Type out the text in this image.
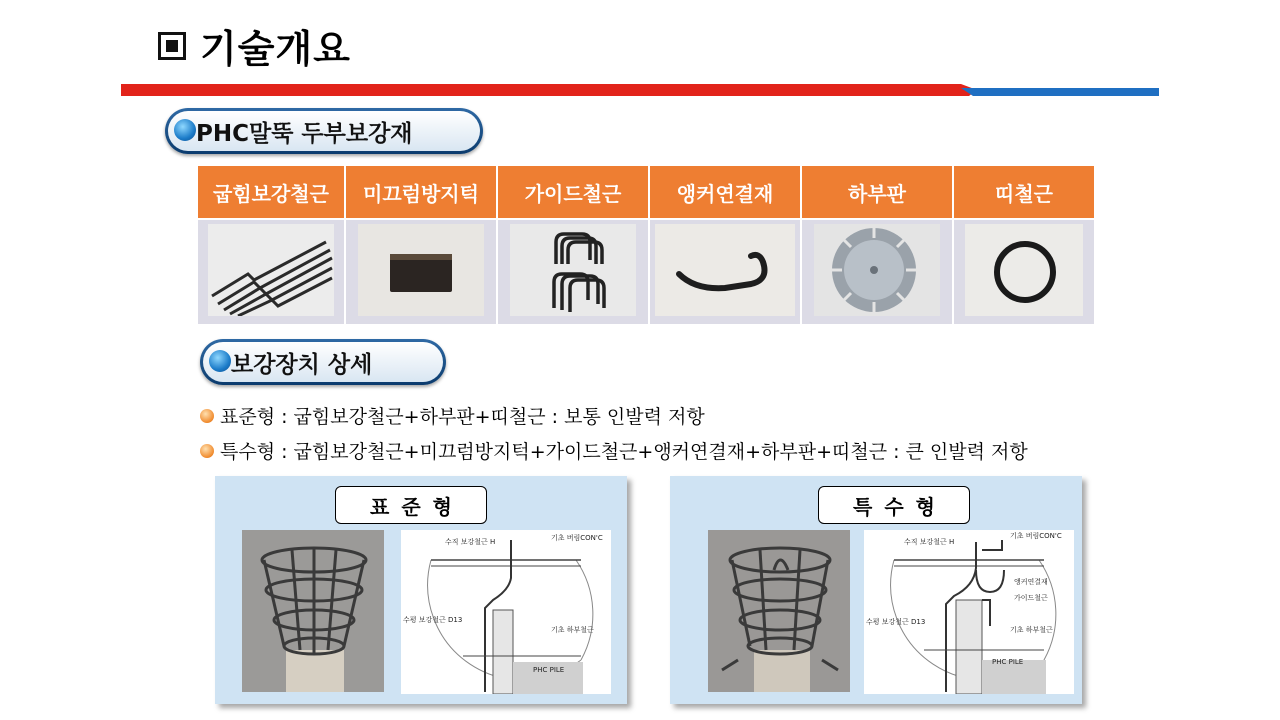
기술개요
PHC말뚝 두부보강재
굽힘보강철근	미끄럼방지턱	가이드철근	앵커연결재	하부판	띠철근

보강장치 상세
표준형 : 굽힘보강철근+하부판+띠철근 : 보통 인발력 저항
특수형 : 굽힘보강철근+미끄럼방지턱+가이드철근+앵커연결재+하부판+띠철근 : 큰 인발력 저항
표준형
수직 보강철근 H	기초 버림CON'C
수평 보강철근 D13
기초 하부철근
PHC PILE
특수형
수직 보강철근 H
기초 버림CON'C
앵커연결재
가이드철근
수평 보강철근 D13
기초 하부철근
PHC PILE
